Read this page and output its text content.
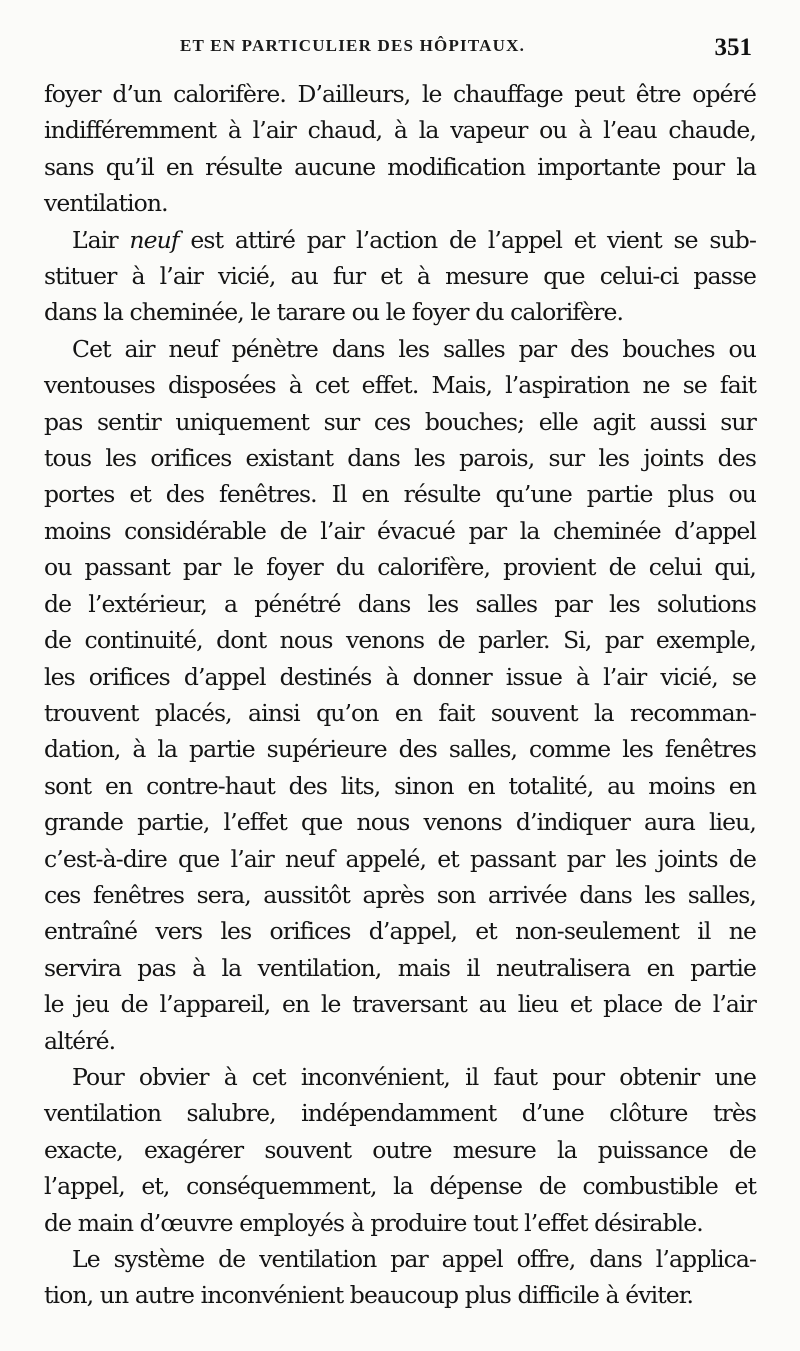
ET EN PARTICULIER DES HÔPITAUX.	351

foyer d’un calorifère. D’ailleurs, le chauffage peut être opéré
indifféremment à l’air chaud, à la vapeur ou à l’eau chaude,
sans qu’il en résulte aucune modification importante pour la
ventilation.

L’air neuf est attiré par l’action de l’appel et vient se sub-
stituer à l’air vicié, au fur et à mesure que celui-ci passe
dans la cheminée, le tarare ou le foyer du calorifère.

Cet air neuf pénètre dans les salles par des bouches ou
ventouses disposées à cet effet. Mais, l’aspiration ne se fait
pas sentir uniquement sur ces bouches; elle agit aussi sur
tous les orifices existant dans les parois, sur les joints des
portes et des fenêtres. Il en résulte qu’une partie plus ou
moins considérable de l’air évacué par la cheminée d’appel
ou passant par le foyer du calorifère, provient de celui qui,
de l’extérieur, a pénétré dans les salles par les solutions
de continuité, dont nous venons de parler. Si, par exemple,
les orifices d’appel destinés à donner issue à l’air vicié, se
trouvent placés, ainsi qu’on en fait souvent la recomman-
dation, à la partie supérieure des salles, comme les fenêtres
sont en contre-haut des lits, sinon en totalité, au moins en
grande partie, l’effet que nous venons d’indiquer aura lieu,
c’est-à-dire que l’air neuf appelé, et passant par les joints de
ces fenêtres sera, aussitôt après son arrivée dans les salles,
entraîné vers les orifices d’appel, et non-seulement il ne
servira pas à la ventilation, mais il neutralisera en partie
le jeu de l’appareil, en le traversant au lieu et place de l’air
altéré.

Pour obvier à cet inconvénient, il faut pour obtenir une
ventilation salubre, indépendamment d’une clôture très
exacte, exagérer souvent outre mesure la puissance de
l’appel, et, conséquemment, la dépense de combustible et
de main d’œuvre employés à produire tout l’effet désirable.

Le système de ventilation par appel offre, dans l’applica-
tion, un autre inconvénient beaucoup plus difficile à éviter.
